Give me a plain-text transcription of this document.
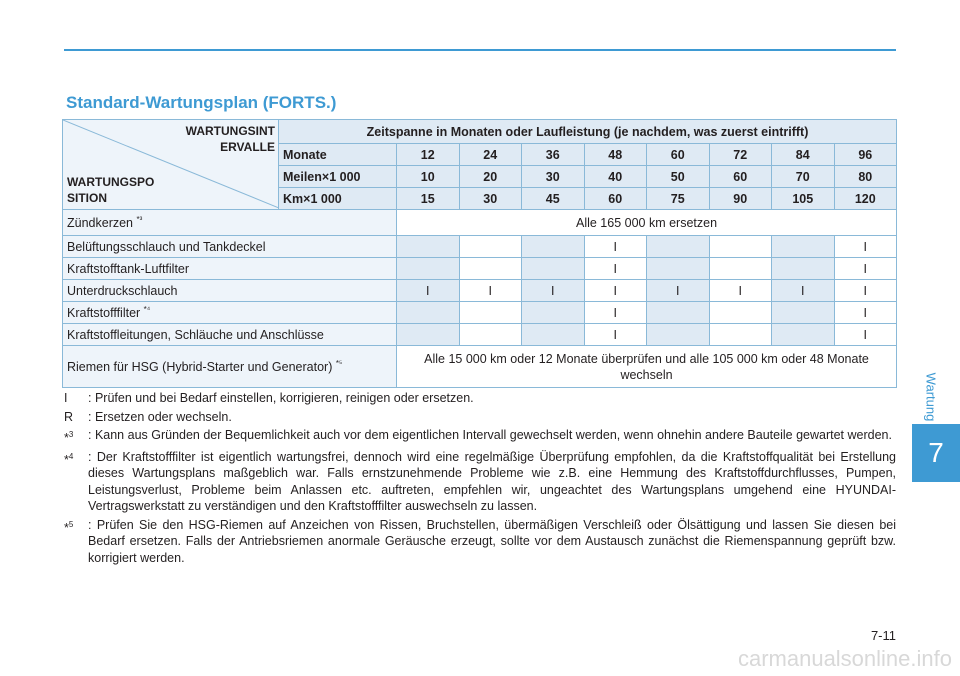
Standard-Wartungsplan (FORTS.)
Wartung
7
WARTUNGSINT ERVALLE
WARTUNGSPO SITION	Zeitspanne in Monaten oder Laufleistung (je nachdem, was zuerst eintrifft)								
	Monate	12	24	36	48	60	72	84	96
	Meilen×1 000	10	20	30	40	50	60	70	80
	Km×1 000	15	30	45	60	75	90	105	120
Zündkerzen $^{*^3}$		Alle 165 000 km ersetzen							
Belüftungsschlauch und Tankdeckel					I				I
Kraftstofftank-Luftfilter					I				I
Unterdruckschlauch		I	I	I	I	I	I	I	I
Kraftstofffilter $^{*^4}$					I				I
Kraftstoffleitungen, Schläuche und Anschlüsse					I				I
Riemen für HSG (Hybrid-Starter und Generator) $^{*^5}$		Alle 15 000 km oder 12 Monate überprüfen und alle 105 000 km oder 48 Monate wechseln							
I	: Prüfen und bei Bedarf einstellen, korrigieren, reinigen oder ersetzen.
R	: Ersetzen oder wechseln.
*$^3$	: Kann aus Gründen der Bequemlichkeit auch vor dem eigentlichen Intervall gewechselt werden, wenn ohnehin andere Bauteile gewartet werden.
*$^4$	: Der Kraftstofffilter ist eigentlich wartungsfrei, dennoch wird eine regelmäßige Überprüfung empfohlen, da die Kraftstoffqualität bei Erstellung dieses Wartungsplans maßgeblich war. Falls ernstzunehmende Probleme wie z.B. eine Hemmung des Kraftstoffdurchflusses, Pumpen, Leistungsverlust, Probleme beim Anlassen etc. auftreten, empfehlen wir, ungeachtet des Wartungsplans umgehend eine HYUNDAI-Vertragswerkstatt zu verständigen und den Kraftstofffilter auswechseln zu lassen.
*$^5$	: Prüfen Sie den HSG-Riemen auf Anzeichen von Rissen, Bruchstellen, übermäßigen Verschleiß oder Ölsättigung und lassen Sie diesen bei Bedarf ersetzen. Falls der Antriebsriemen anormale Geräusche erzeugt, sollte vor dem Austausch zunächst die Riemenspannung geprüft bzw. korrigiert werden.
7-11
carmanualsonline.info
